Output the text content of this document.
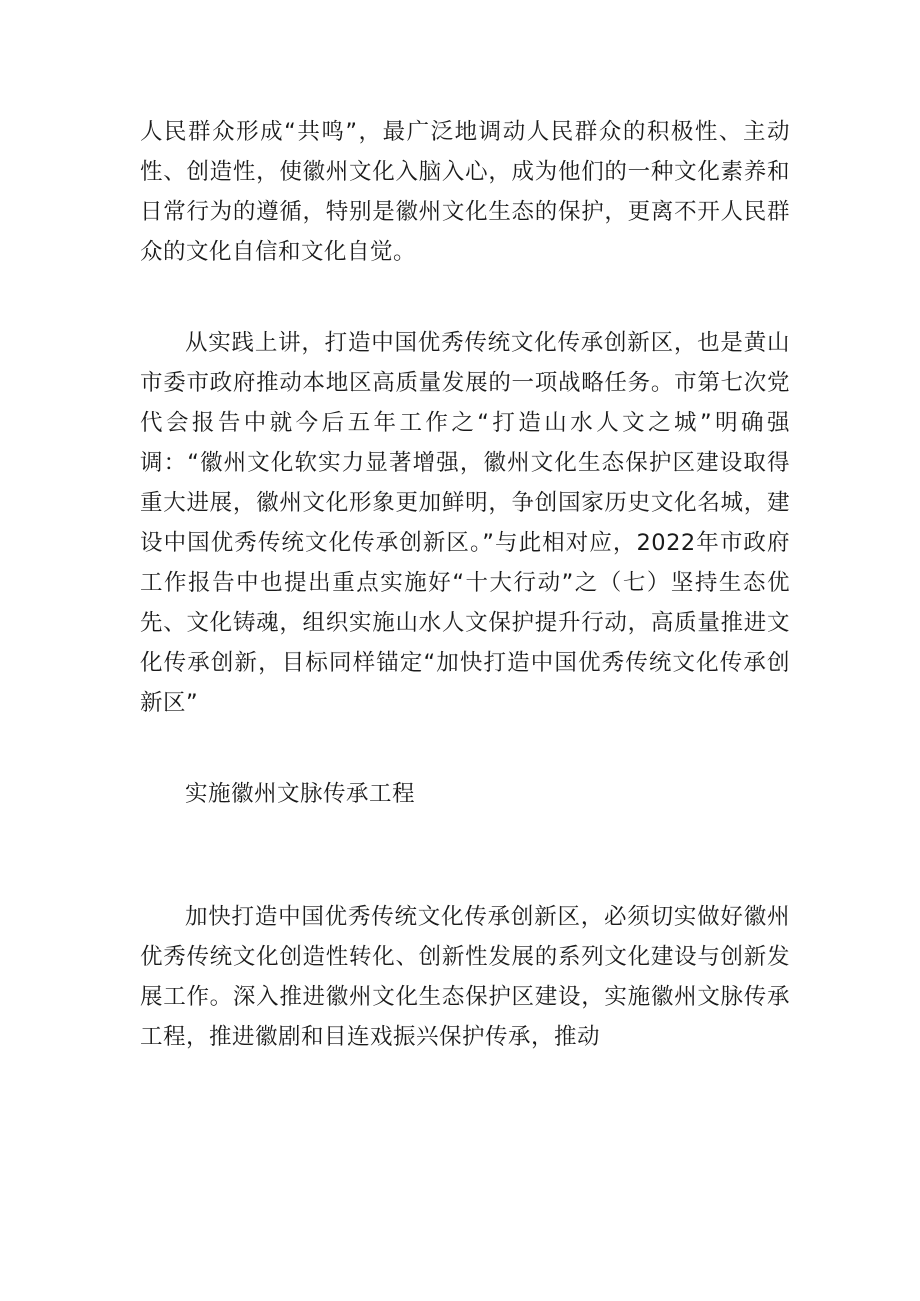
人民群众形成“共鸣”，最广泛地调动人民群众的积极性、主动性、创造性，使徽州文化入脑入心，成为他们的一种文化素养和日常行为的遵循，特别是徽州文化生态的保护，更离不开人民群众的文化自信和文化自觉。

从实践上讲，打造中国优秀传统文化传承创新区，也是黄山市委市政府推动本地区高质量发展的一项战略任务。市第七次党代会报告中就今后五年工作之“打造山水人文之城”明确强调：“徽州文化软实力显著增强，徽州文化生态保护区建设取得重大进展，徽州文化形象更加鲜明，争创国家历史文化名城，建设中国优秀传统文化传承创新区。”与此相对应，2022年市政府工作报告中也提出重点实施好“十大行动”之（七）坚持生态优先、文化铸魂，组织实施山水人文保护提升行动，高质量推进文化传承创新，目标同样锚定“加快打造中国优秀传统文化传承创新区”

实施徽州文脉传承工程

加快打造中国优秀传统文化传承创新区，必须切实做好徽州优秀传统文化创造性转化、创新性发展的系列文化建设与创新发展工作。深入推进徽州文化生态保护区建设，实施徽州文脉传承工程，推进徽剧和目连戏振兴保护传承，推动
